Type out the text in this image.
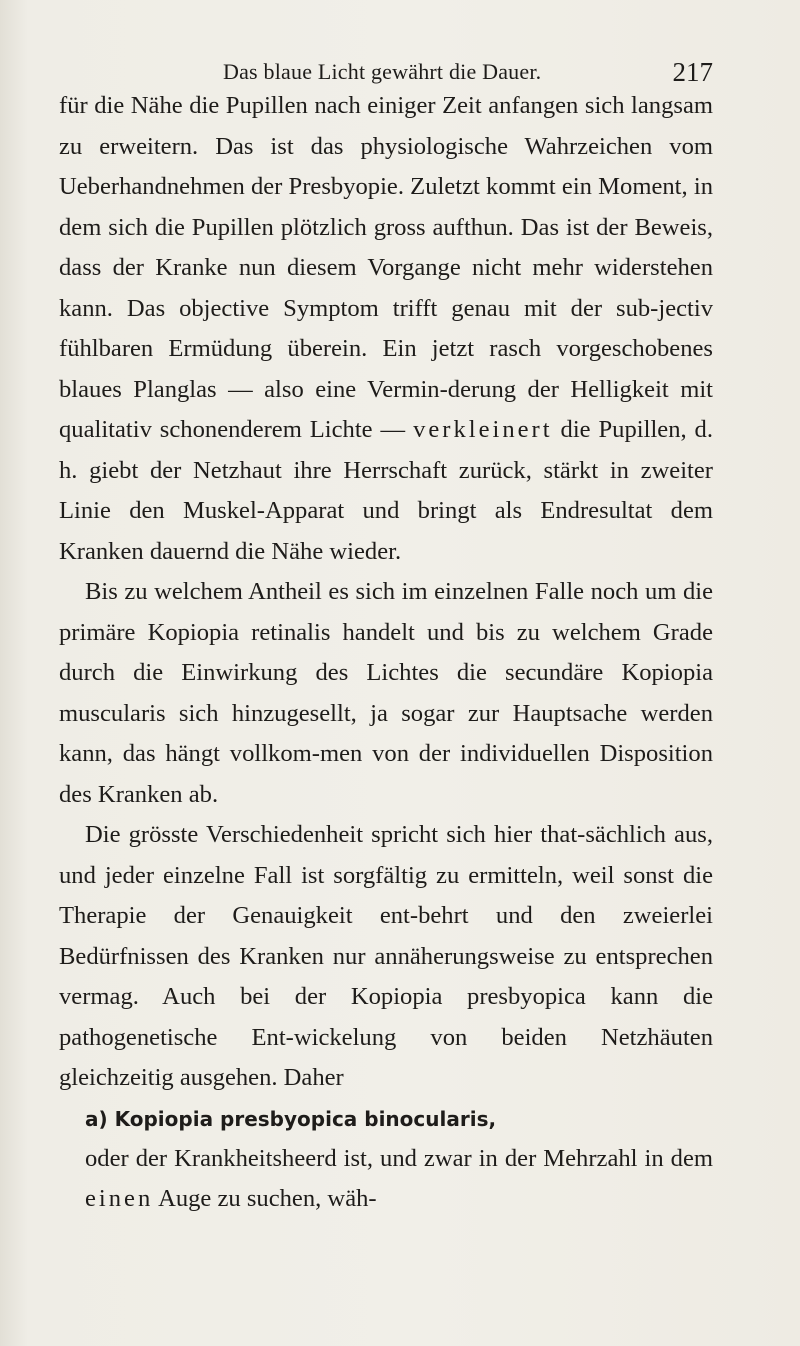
Das blaue Licht gewährt die Dauer.	217

für die Nähe die Pupillen nach einiger Zeit anfangen sich langsam zu erweitern. Das ist das physiologische Wahrzeichen vom Ueberhandnehmen der Presbyopie. Zuletzt kommt ein Moment, in dem sich die Pupillen plötzlich gross aufthun. Das ist der Beweis, dass der Kranke nun diesem Vorgange nicht mehr widerstehen kann. Das objective Symptom trifft genau mit der sub-jectiv fühlbaren Ermüdung überein. Ein jetzt rasch vorgeschobenes blaues Planglas — also eine Vermin-derung der Helligkeit mit qualitativ schonenderem Lichte — verkleinert die Pupillen, d. h. giebt der Netzhaut ihre Herrschaft zurück, stärkt in zweiter Linie den Muskel-Apparat und bringt als Endresultat dem Kranken dauernd die Nähe wieder.

Bis zu welchem Antheil es sich im einzelnen Falle noch um die primäre Kopiopia retinalis handelt und bis zu welchem Grade durch die Einwirkung des Lichtes die secundäre Kopiopia muscularis sich hinzugesellt, ja sogar zur Hauptsache werden kann, das hängt vollkom-men von der individuellen Disposition des Kranken ab.

Die grösste Verschiedenheit spricht sich hier that-sächlich aus, und jeder einzelne Fall ist sorgfältig zu ermitteln, weil sonst die Therapie der Genauigkeit ent-behrt und den zweierlei Bedürfnissen des Kranken nur annäherungsweise zu entsprechen vermag. Auch bei der Kopiopia presbyopica kann die pathogenetische Ent-wickelung von beiden Netzhäuten gleichzeitig ausgehen. Daher

a) Kopiopia presbyopica binocularis,

oder der Krankheitsheerd ist, und zwar in der Mehrzahl in dem einen Auge zu suchen, wäh-
